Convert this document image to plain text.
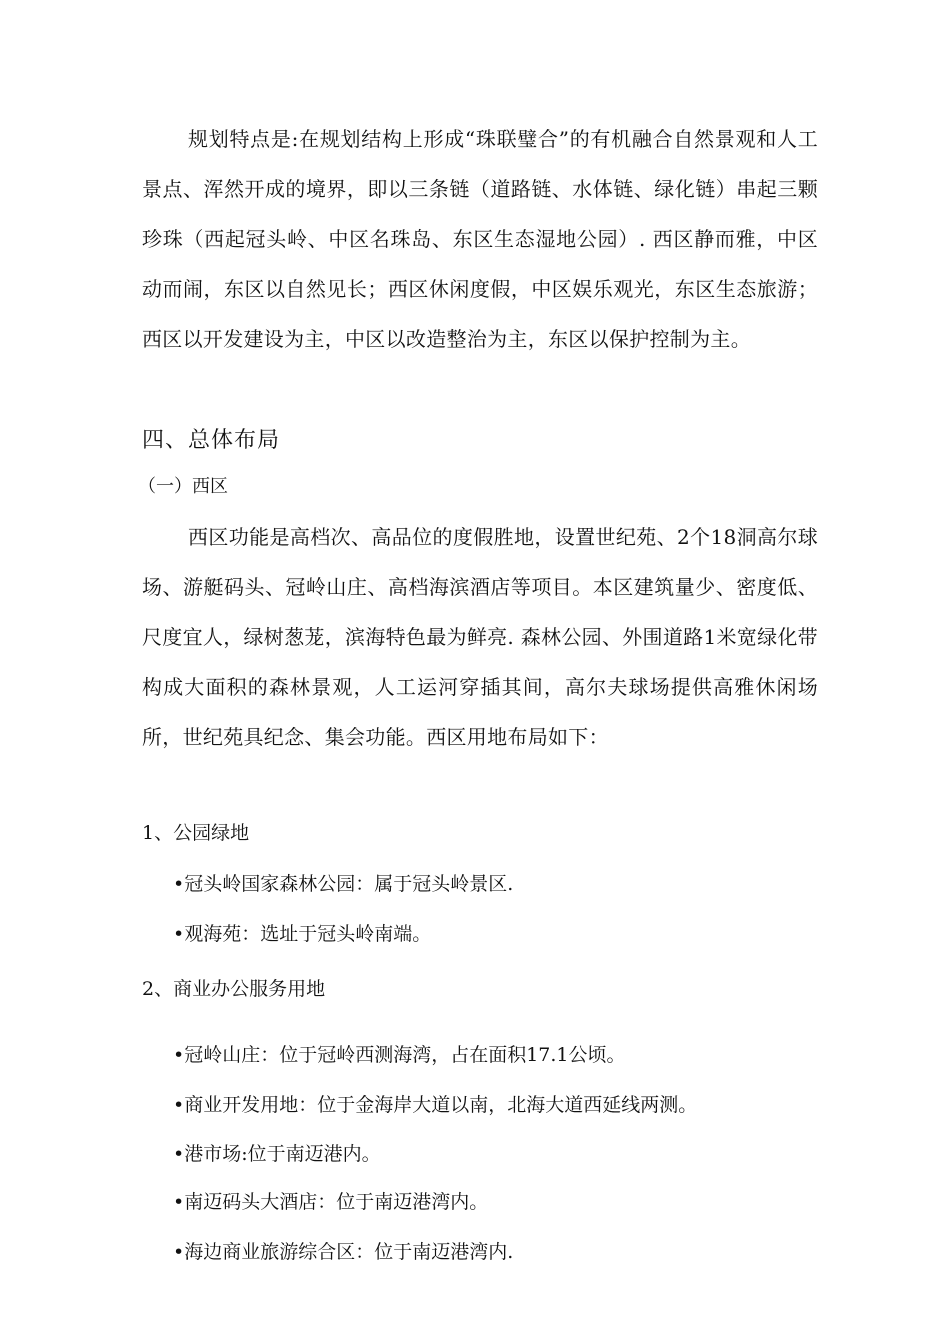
规划特点是:在规划结构上形成“珠联璧合”的有机融合自然景观和人工景点、浑然开成的境界，即以三条链（道路链、水体链、绿化链）串起三颗珍珠（西起冠头岭、中区名珠岛、东区生态湿地公园）. 西区静而雅，中区动而闹，东区以自然见长；西区休闲度假，中区娱乐观光，东区生态旅游；西区以开发建设为主，中区以改造整治为主，东区以保护控制为主。

四、总体布局
（一）西区

西区功能是高档次、高品位的度假胜地，设置世纪苑、2个18洞高尔球场、游艇码头、冠岭山庄、高档海滨酒店等项目。本区建筑量少、密度低、尺度宜人，绿树葱茏，滨海特色最为鲜亮. 森林公园、外围道路1米宽绿化带构成大面积的森林景观，人工运河穿插其间，高尔夫球场提供高雅休闲场所，世纪苑具纪念、集会功能。西区用地布局如下：

1、公园绿地
•冠头岭国家森林公园：属于冠头岭景区.
•观海苑：选址于冠头岭南端。
2、商业办公服务用地
•冠岭山庄：位于冠岭西测海湾，占在面积17.1公顷。
•商业开发用地：位于金海岸大道以南，北海大道西延线两测。
•港市场:位于南迈港内。
•南迈码头大酒店：位于南迈港湾内。
•海边商业旅游综合区：位于南迈港湾内.
